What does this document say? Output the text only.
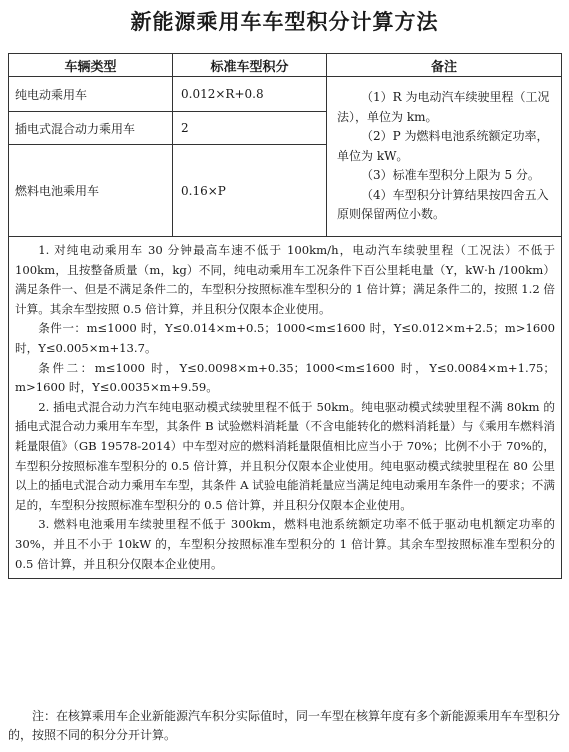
新能源乘用车车型积分计算方法
车辆类型	标准车型积分	备注
纯电动乘用车	0.012×R+0.8	（1）R 为电动汽车续驶里程（工况法），单位为 km。

（2）P 为燃料电池系统额定功率，单位为 kW。

（3）标准车型积分上限为 5 分。

（4）车型积分计算结果按四舍五入原则保留两位小数。

插电式混合动力乘用车	2	
燃料电池乘用车	0.16×P	

1. 对纯电动乘用车 30 分钟最高车速不低于 100km/h，电动汽车续驶里程（工况法）不低于 100km，且按整备质量（m，kg）不同，纯电动乘用车工况条件下百公里耗电量（Y，kW·h /100km）满足条件一、但是不满足条件二的，车型积分按照标准车型积分的 1 倍计算；满足条件二的，按照 1.2 倍计算。其余车型按照 0.5 倍计算，并且积分仅限本企业使用。

条件一：m≤1000 时，Y≤0.014×m+0.5；1000<m≤1600 时，Y≤0.012×m+2.5；m>1600 时，Y≤0.005×m+13.7。

条件二：m≤1000 时，Y≤0.0098×m+0.35；1000<m≤1600 时，Y≤0.0084×m+1.75；m>1600 时，Y≤0.0035×m+9.59。

2. 插电式混合动力汽车纯电驱动模式续驶里程不低于 50km。纯电驱动模式续驶里程不满 80km 的插电式混合动力乘用车车型，其条件 B 试验燃料消耗量（不含电能转化的燃料消耗量）与《乘用车燃料消耗量限值》（GB 19578-2014）中车型对应的燃料消耗量限值相比应当小于 70%；比例不小于 70%的，车型积分按照标准车型积分的 0.5 倍计算，并且积分仅限本企业使用。纯电驱动模式续驶里程在 80 公里以上的插电式混合动力乘用车车型，其条件 A 试验电能消耗量应当满足纯电动乘用车条件一的要求；不满足的，车型积分按照标准车型积分的 0.5 倍计算，并且积分仅限本企业使用。

3. 燃料电池乘用车续驶里程不低于 300km，燃料电池系统额定功率不低于驱动电机额定功率的 30%，并且不小于 10kW 的，车型积分按照标准车型积分的 1 倍计算。其余车型按照标准车型积分的 0.5 倍计算，并且积分仅限本企业使用。		

注：在核算乘用车企业新能源汽车积分实际值时，同一车型在核算年度有多个新能源乘用车车型积分的，按照不同的积分分开计算。
